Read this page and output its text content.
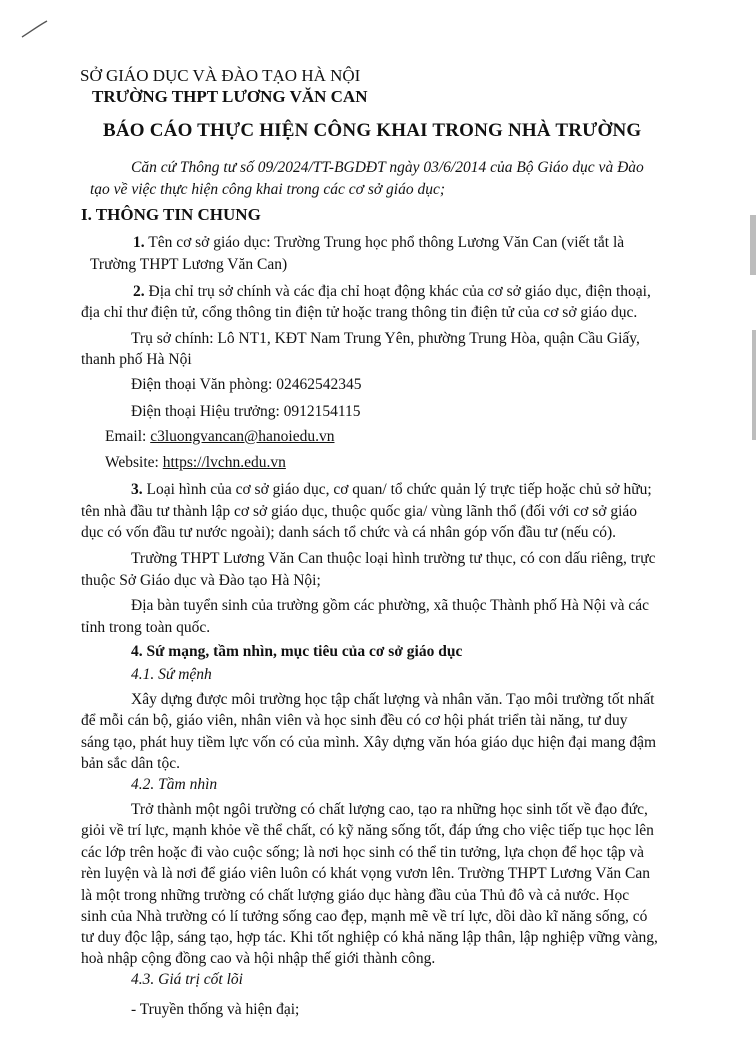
SỞ GIÁO DỤC VÀ ĐÀO TẠO HÀ NỘI
TRƯỜNG THPT LƯƠNG VĂN CAN
BÁO CÁO THỰC HIỆN CÔNG KHAI TRONG NHÀ TRƯỜNG
Căn cứ Thông tư số 09/2024/TT-BGDĐT ngày 03/6/2014 của Bộ Giáo dục và Đào
tạo về việc thực hiện công khai trong các cơ sở giáo dục;
I. THÔNG TIN CHUNG
1. Tên cơ sở giáo dục: Trường Trung học phổ thông Lương Văn Can (viết tắt là
Trường THPT Lương Văn Can)
2. Địa chỉ trụ sở chính và các địa chỉ hoạt động khác của cơ sở giáo dục, điện thoại,
địa chỉ thư điện tử, cổng thông tin điện tử hoặc trang thông tin điện tử của cơ sở giáo dục.
Trụ sở chính: Lô NT1, KĐT Nam Trung Yên, phường Trung Hòa, quận Cầu Giấy,
thanh phố Hà Nội
Điện thoại Văn phòng: 02462542345
Điện thoại Hiệu trưởng: 0912154115
Email: c3luongvancan@hanoiedu.vn
Website: https://lvchn.edu.vn
3. Loại hình của cơ sở giáo dục, cơ quan/ tổ chức quản lý trực tiếp hoặc chủ sở hữu;
tên nhà đầu tư thành lập cơ sở giáo dục, thuộc quốc gia/ vùng lãnh thổ (đối với cơ sở giáo
dục có vốn đầu tư nước ngoài); danh sách tổ chức và cá nhân góp vốn đầu tư (nếu có).
Trường THPT Lương Văn Can thuộc loại hình trường tư thục, có con dấu riêng, trực
thuộc Sở Giáo dục và Đào tạo Hà Nội;
Địa bàn tuyển sinh của trường gồm các phường, xã thuộc Thành phố Hà Nội và các
tỉnh trong toàn quốc.
4. Sứ mạng, tầm nhìn, mục tiêu của cơ sở giáo dục
4.1. Sứ mệnh
Xây dựng được môi trường học tập chất lượng và nhân văn. Tạo môi trường tốt nhất
để mỗi cán bộ, giáo viên, nhân viên và học sinh đều có cơ hội phát triển tài năng, tư duy
sáng tạo, phát huy tiềm lực vốn có của mình. Xây dựng văn hóa giáo dục hiện đại mang đậm
bản sắc dân tộc.
4.2. Tầm nhìn
Trở thành một ngôi trường có chất lượng cao, tạo ra những học sinh tốt về đạo đức,
giỏi về trí lực, mạnh khỏe về thể chất, có kỹ năng sống tốt, đáp ứng cho việc tiếp tục học lên
các lớp trên hoặc đi vào cuộc sống; là nơi học sinh có thể tin tưởng, lựa chọn để học tập và
rèn luyện và là nơi để giáo viên luôn có khát vọng vươn lên. Trường THPT Lương Văn Can
là một trong những trường có chất lượng giáo dục hàng đầu của Thủ đô và cả nước. Học
sinh của Nhà trường có lí tưởng sống cao đẹp, mạnh mẽ về trí lực, dồi dào kĩ năng sống, có
tư duy độc lập, sáng tạo, hợp tác. Khi tốt nghiệp có khả năng lập thân, lập nghiệp vững vàng,
hoà nhập cộng đồng cao và hội nhập thế giới thành công.
4.3. Giá trị cốt lõi
- Truyền thống và hiện đại;
